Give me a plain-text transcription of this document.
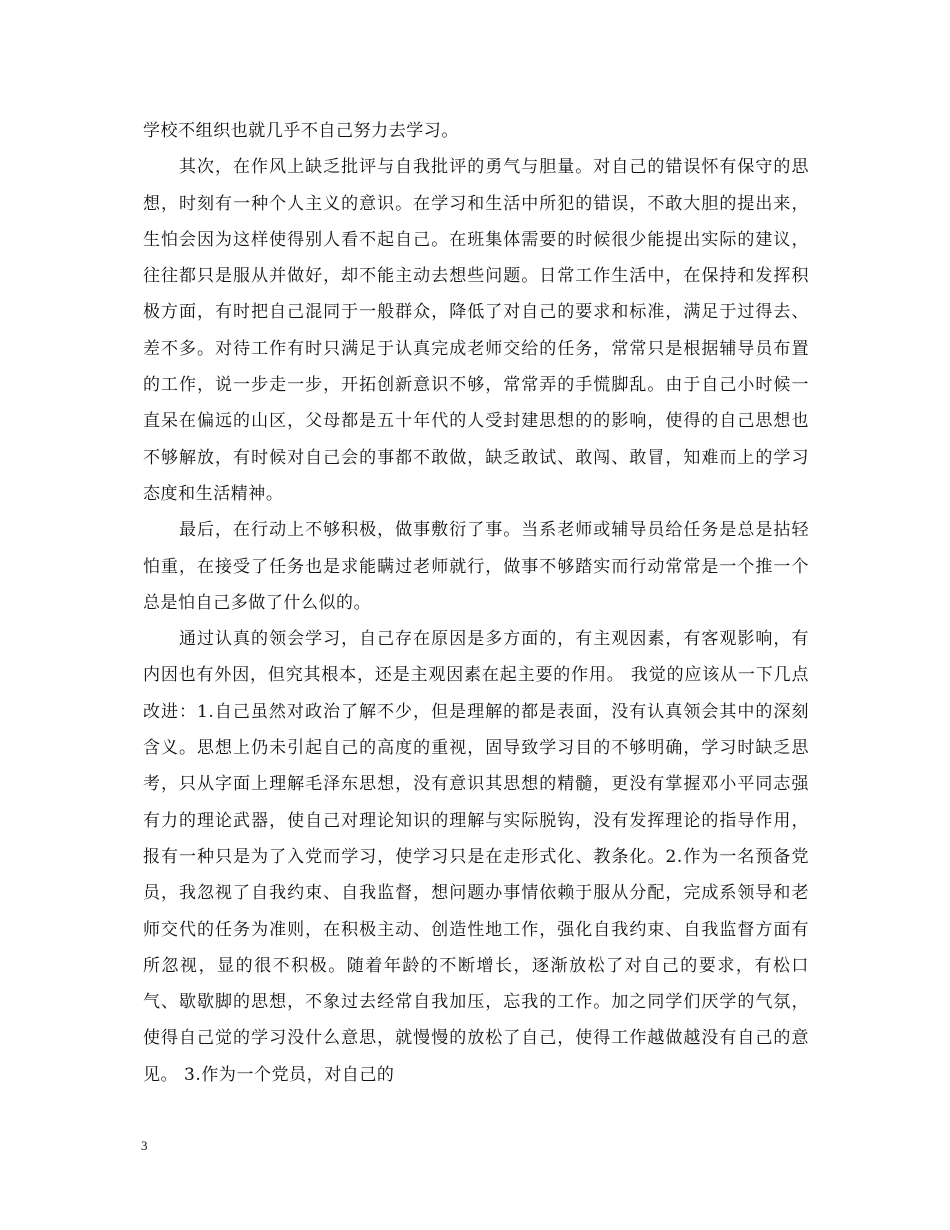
学校不组织也就几乎不自己努力去学习。

其次，在作风上缺乏批评与自我批评的勇气与胆量。对自己的错误怀有保守的思想，时刻有一种个人主义的意识。在学习和生活中所犯的错误，不敢大胆的提出来，生怕会因为这样使得别人看不起自己。在班集体需要的时候很少能提出实际的建议，往往都只是服从并做好，却不能主动去想些问题。日常工作生活中，在保持和发挥积极方面，有时把自己混同于一般群众，降低了对自己的要求和标准，满足于过得去、差不多。对待工作有时只满足于认真完成老师交给的任务，常常只是根据辅导员布置的工作，说一步走一步，开拓创新意识不够，常常弄的手慌脚乱。由于自己小时候一直呆在偏远的山区，父母都是五十年代的人受封建思想的的影响，使得的自己思想也不够解放，有时候对自己会的事都不敢做，缺乏敢试、敢闯、敢冒，知难而上的学习态度和生活精神。

最后，在行动上不够积极，做事敷衍了事。当系老师或辅导员给任务是总是拈轻怕重，在接受了任务也是求能瞒过老师就行，做事不够踏实而行动常常是一个推一个总是怕自己多做了什么似的。

通过认真的领会学习，自己存在原因是多方面的，有主观因素，有客观影响，有内因也有外因，但究其根本，还是主观因素在起主要的作用。 我觉的应该从一下几点改进：1.自己虽然对政治了解不少，但是理解的都是表面，没有认真领会其中的深刻含义。思想上仍未引起自己的高度的重视，固导致学习目的不够明确，学习时缺乏思考，只从字面上理解毛泽东思想，没有意识其思想的精髓，更没有掌握邓小平同志强有力的理论武器，使自己对理论知识的理解与实际脱钩，没有发挥理论的指导作用，报有一种只是为了入党而学习，使学习只是在走形式化、教条化。2.作为一名预备党员，我忽视了自我约束、自我监督，想问题办事情依赖于服从分配，完成系领导和老师交代的任务为准则，在积极主动、创造性地工作，强化自我约束、自我监督方面有所忽视，显的很不积极。随着年龄的不断增长，逐渐放松了对自己的要求，有松口气、歇歇脚的思想，不象过去经常自我加压，忘我的工作。加之同学们厌学的气氛，使得自己觉的学习没什么意思，就慢慢的放松了自己，使得工作越做越没有自己的意见。 3.作为一个党员，对自己的

3
